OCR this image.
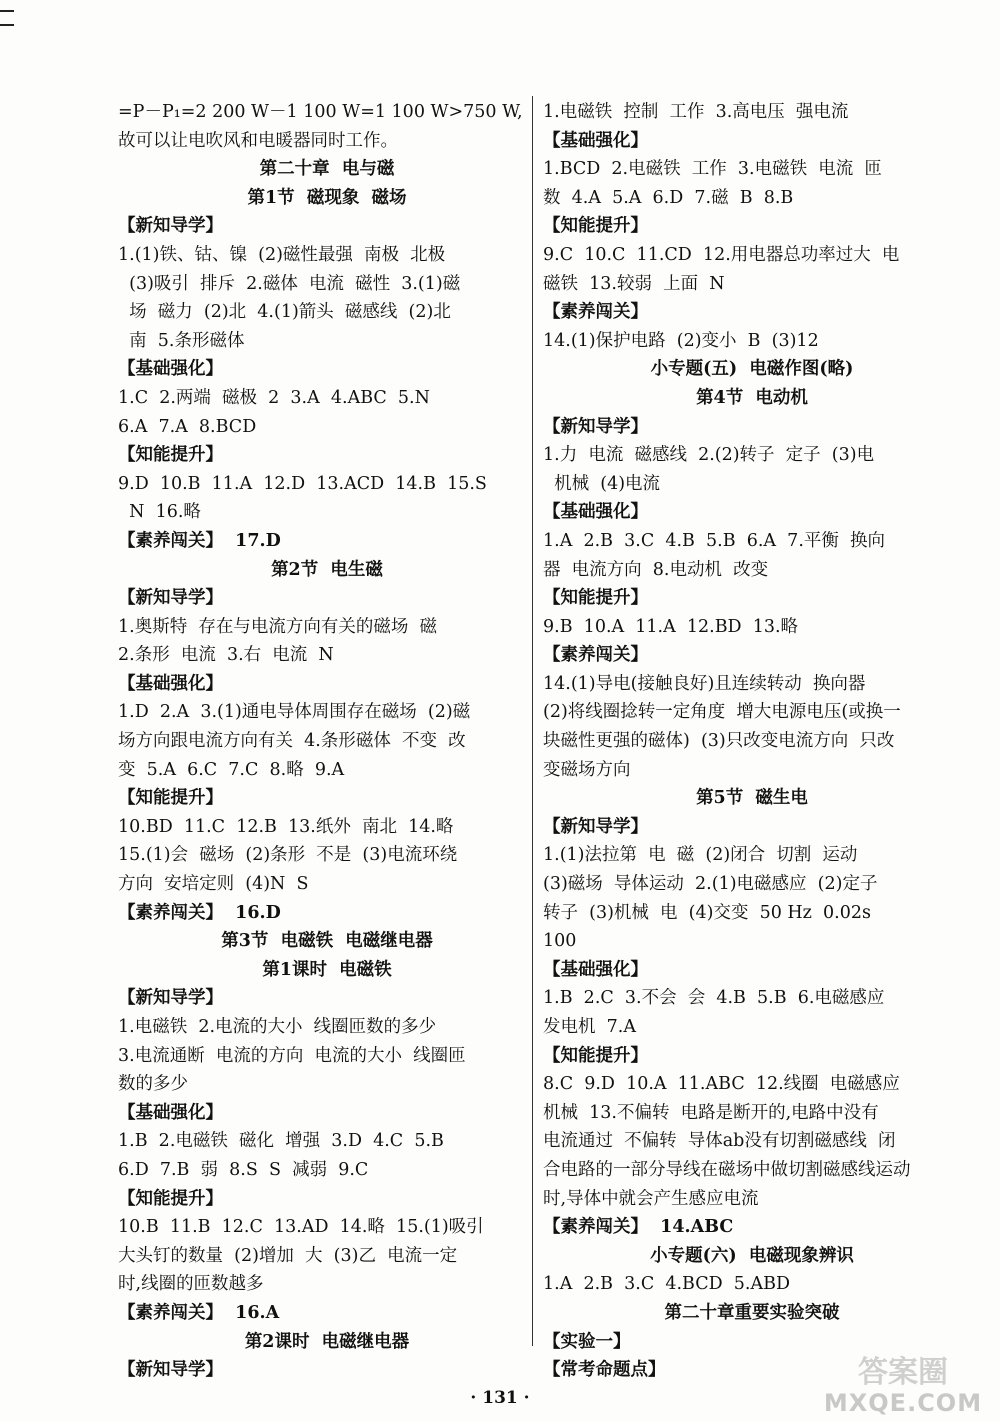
=P－P₁=2 200 W－1 100 W=1 100 W>750 W,
故可以让电吹风和电暖器同时工作。
第二十章  电与磁
第1节  磁现象  磁场
【新知导学】
1.(1)铁、钴、镍  (2)磁性最强  南极  北极
(3)吸引  排斥  2.磁体  电流  磁性  3.(1)磁
场  磁力  (2)北  4.(1)箭头  磁感线  (2)北
南  5.条形磁体
【基础强化】
1.C  2.两端  磁极  2  3.A  4.ABC  5.N
6.A  7.A  8.BCD
【知能提升】
9.D  10.B  11.A  12.D  13.ACD  14.B  15.S
N  16.略
【素养闯关】  17.D
第2节  电生磁
【新知导学】
1.奥斯特  存在与电流方向有关的磁场  磁
2.条形  电流  3.右  电流  N
【基础强化】
1.D  2.A  3.(1)通电导体周围存在磁场  (2)磁
场方向跟电流方向有关  4.条形磁体  不变  改
变  5.A  6.C  7.C  8.略  9.A
【知能提升】
10.BD  11.C  12.B  13.纸外  南北  14.略
15.(1)会  磁场  (2)条形  不是  (3)电流环绕
方向  安培定则  (4)N  S
【素养闯关】  16.D
第3节  电磁铁  电磁继电器
第1课时  电磁铁
【新知导学】
1.电磁铁  2.电流的大小  线圈匝数的多少
3.电流通断  电流的方向  电流的大小  线圈匝
数的多少
【基础强化】
1.B  2.电磁铁  磁化  增强  3.D  4.C  5.B
6.D  7.B  弱  8.S  S  减弱  9.C
【知能提升】
10.B  11.B  12.C  13.AD  14.略  15.(1)吸引
大头钉的数量  (2)增加  大  (3)乙  电流一定
时,线圈的匝数越多
【素养闯关】  16.A
第2课时  电磁继电器
【新知导学】
1.电磁铁  控制  工作  3.高电压  强电流
【基础强化】
1.BCD  2.电磁铁  工作  3.电磁铁  电流  匝
数  4.A  5.A  6.D  7.磁  B  8.B
【知能提升】
9.C  10.C  11.CD  12.用电器总功率过大  电
磁铁  13.较弱  上面  N
【素养闯关】
14.(1)保护电路  (2)变小  B  (3)12
小专题(五)  电磁作图(略)
第4节  电动机
【新知导学】
1.力  电流  磁感线  2.(2)转子  定子  (3)电
机械  (4)电流
【基础强化】
1.A  2.B  3.C  4.B  5.B  6.A  7.平衡  换向
器  电流方向  8.电动机  改变
【知能提升】
9.B  10.A  11.A  12.BD  13.略
【素养闯关】
14.(1)导电(接触良好)且连续转动  换向器
(2)将线圈捻转一定角度  增大电源电压(或换一
块磁性更强的磁体)  (3)只改变电流方向  只改
变磁场方向
第5节  磁生电
【新知导学】
1.(1)法拉第  电  磁  (2)闭合  切割  运动
(3)磁场  导体运动  2.(1)电磁感应  (2)定子
转子  (3)机械  电  (4)交变  50 Hz  0.02s
100
【基础强化】
1.B  2.C  3.不会  会  4.B  5.B  6.电磁感应
发电机  7.A
【知能提升】
8.C  9.D  10.A  11.ABC  12.线圈  电磁感应
机械  13.不偏转  电路是断开的,电路中没有
电流通过  不偏转  导体ab没有切割磁感线  闭
合电路的一部分导线在磁场中做切割磁感线运动
时,导体中就会产生感应电流
【素养闯关】  14.ABC
小专题(六)  电磁现象辨识
1.A  2.B  3.C  4.BCD  5.ABD
第二十章重要实验突破
【实验一】
【常考命题点】
· 131 ·
答案圈
MXQE.COM
